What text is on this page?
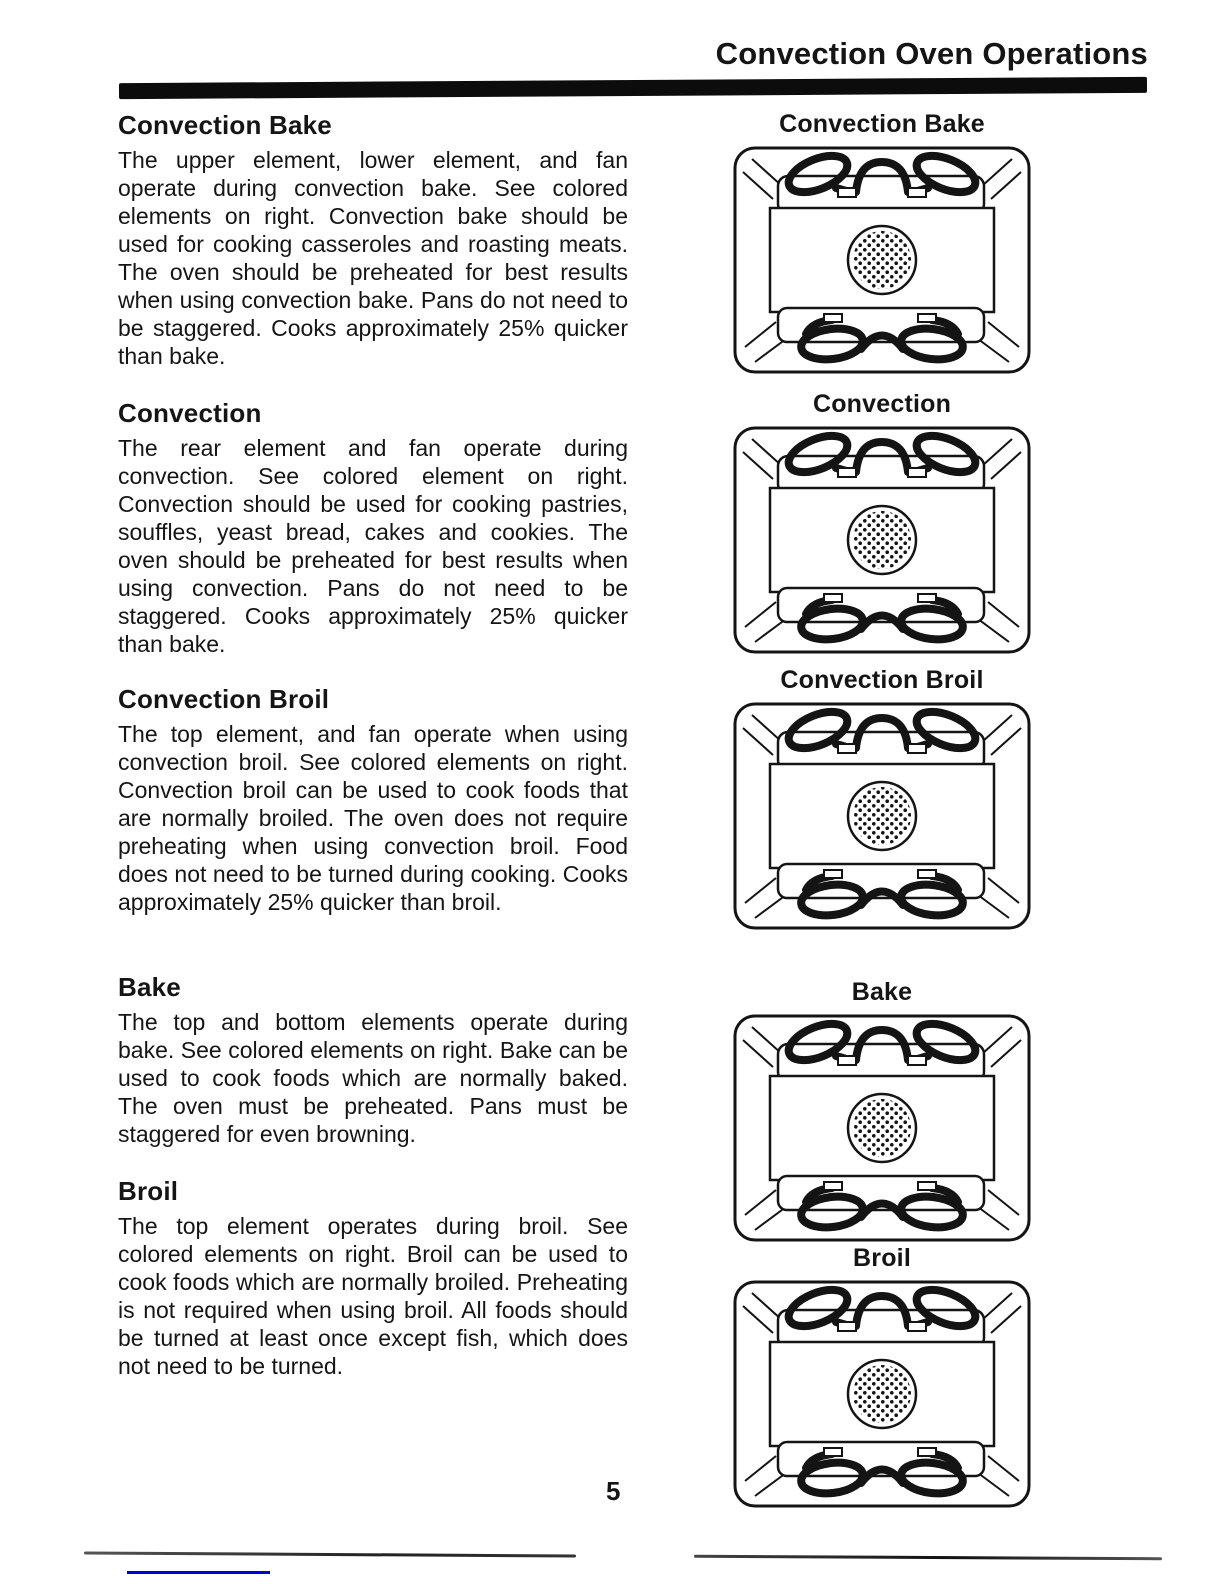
Convection Oven Operations
Convection Bake

The upper element, lower element, and fan operate during convection bake. See colored elements on right. Convection bake should be used for cooking casseroles and roasting meats. The oven should be preheated for best results when using convection bake. Pans do not need to be staggered. Cooks approximately 25% quicker than bake.

Convection

The rear element and fan operate during convection. See colored element on right. Convection should be used for cooking pastries, souffles, yeast bread, cakes and cookies. The oven should be preheated for best results when using convection. Pans do not need to be staggered. Cooks approximately 25% quicker than bake.

Convection Broil

The top element, and fan operate when using convection broil. See colored elements on right. Convection broil can be used to cook foods that are normally broiled. The oven does not require preheating when using convection broil. Food does not need to be turned during cooking. Cooks approximately 25% quicker than broil.

Bake

The top and bottom elements operate during bake. See colored elements on right. Bake can be used to cook foods which are normally baked. The oven must be preheated. Pans must be staggered for even browning.

Broil

The top element operates during broil. See colored elements on right. Broil can be used to cook foods which are normally broiled. Preheating is not required when using broil. All foods should be turned at least once except fish, which does not need to be turned.

Convection Bake
Convection
Convection Broil
Bake
Broil
5
